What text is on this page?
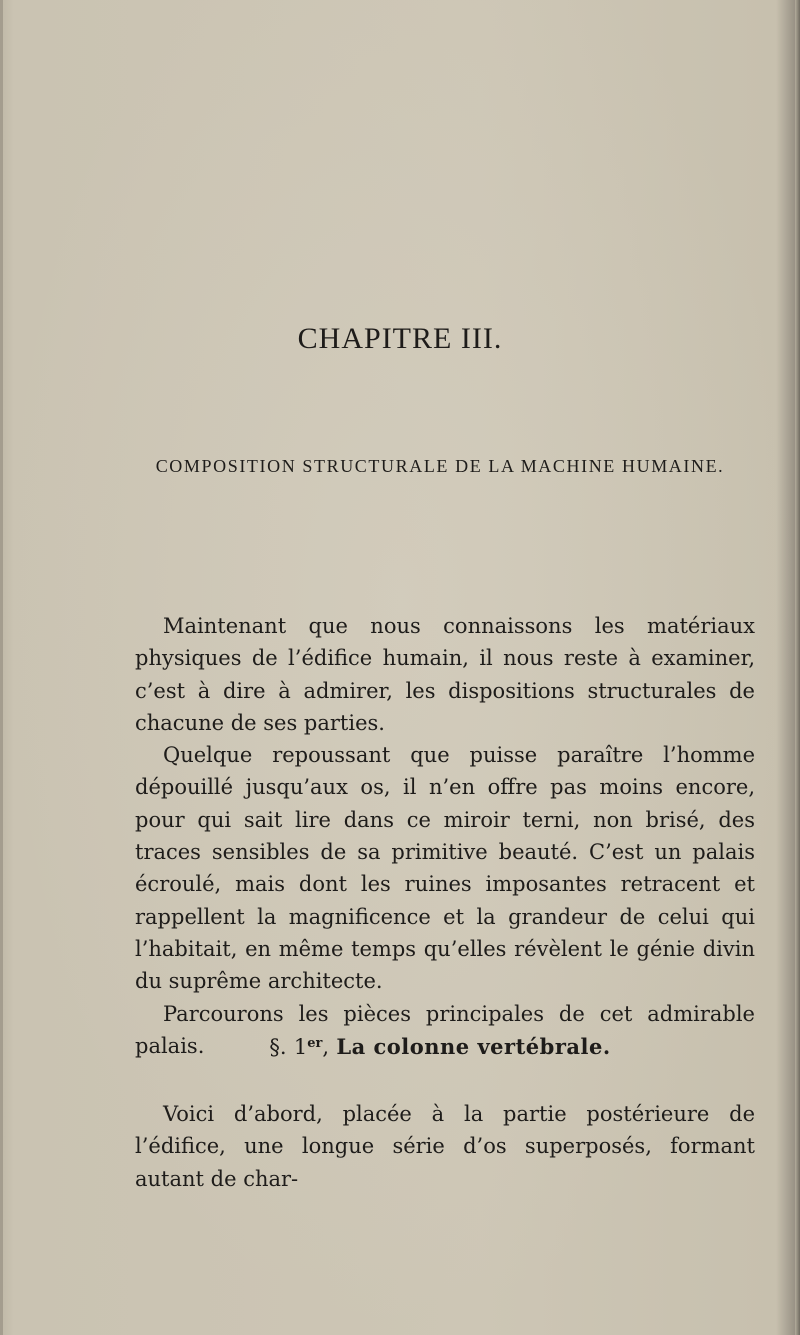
CHAPITRE III.
COMPOSITION STRUCTURALE DE LA MACHINE HUMAINE.

Maintenant que nous connaissons les matériaux physiques de l’édifice humain, il nous reste à examiner, c’est à dire à admirer, les dispositions structurales de chacune de ses parties.

Quelque repoussant que puisse paraître l’homme dépouillé jusqu’aux os, il n’en offre pas moins encore, pour qui sait lire dans ce miroir terni, non brisé, des traces sensibles de sa primitive beauté. C’est un palais écroulé, mais dont les ruines imposantes retracent et rappellent la magnificence et la grandeur de celui qui l’habitait, en même temps qu’elles révèlent le génie divin du suprême architecte.

Parcourons les pièces principales de cet admirable palais.	§. 1er, La colonne vertébrale.

Voici d’abord, placée à la partie postérieure de l’édifice, une longue série d’os superposés, formant autant de char-
